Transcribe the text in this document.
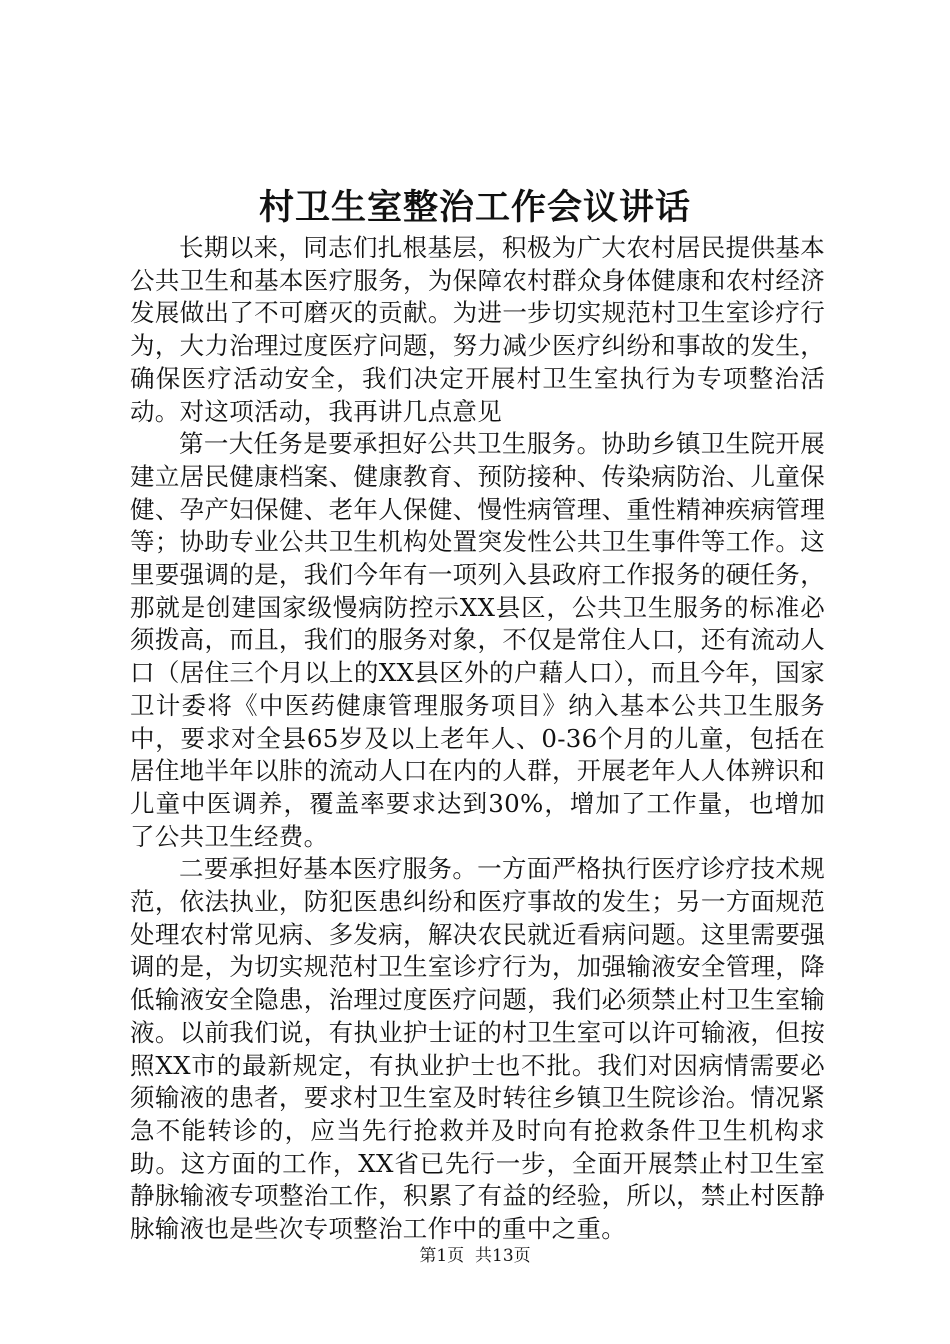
村卫生室整治工作会议讲话

长期以来，同志们扎根基层，积极为广大农村居民提供基本公共卫生和基本医疗服务，为保障农村群众身体健康和农村经济发展做出了不可磨灭的贡献。为进一步切实规范村卫生室诊疗行为，大力治理过度医疗问题，努力减少医疗纠纷和事故的发生，确保医疗活动安全，我们决定开展村卫生室执行为专项整治活动。对这项活动，我再讲几点意见

第一大任务是要承担好公共卫生服务。协助乡镇卫生院开展建立居民健康档案、健康教育、预防接种、传染病防治、儿童保健、孕产妇保健、老年人保健、慢性病管理、重性精神疾病管理等；协助专业公共卫生机构处置突发性公共卫生事件等工作。这里要强调的是，我们今年有一项列入县政府工作报务的硬任务，那就是创建国家级慢病防控示XX县区，公共卫生服务的标准必须拨高，而且，我们的服务对象，不仅是常住人口，还有流动人口（居住三个月以上的XX县区外的户藉人口），而且今年，国家卫计委将《中医药健康管理服务项目》纳入基本公共卫生服务中，要求对全县65岁及以上老年人、0-36个月的儿童，包括在居住地半年以胩的流动人口在内的人群，开展老年人人体辨识和儿童中医调养，覆盖率要求达到30%，增加了工作量，也增加了公共卫生经费。

二要承担好基本医疗服务。一方面严格执行医疗诊疗技术规范，依法执业，防犯医患纠纷和医疗事故的发生；另一方面规范处理农村常见病、多发病，解决农民就近看病问题。这里需要强调的是，为切实规范村卫生室诊疗行为，加强输液安全管理，降低输液安全隐患，治理过度医疗问题，我们必须禁止村卫生室输液。以前我们说，有执业护士证的村卫生室可以许可输液，但按照XX市的最新规定，有执业护士也不批。我们对因病情需要必须输液的患者，要求村卫生室及时转往乡镇卫生院诊治。情况紧急不能转诊的，应当先行抢救并及时向有抢救条件卫生机构求助。这方面的工作，XX省已先行一步，全面开展禁止村卫生室静脉输液专项整治工作，积累了有益的经验，所以，禁止村医静脉输液也是些次专项整治工作中的重中之重。

第1页 共13页
